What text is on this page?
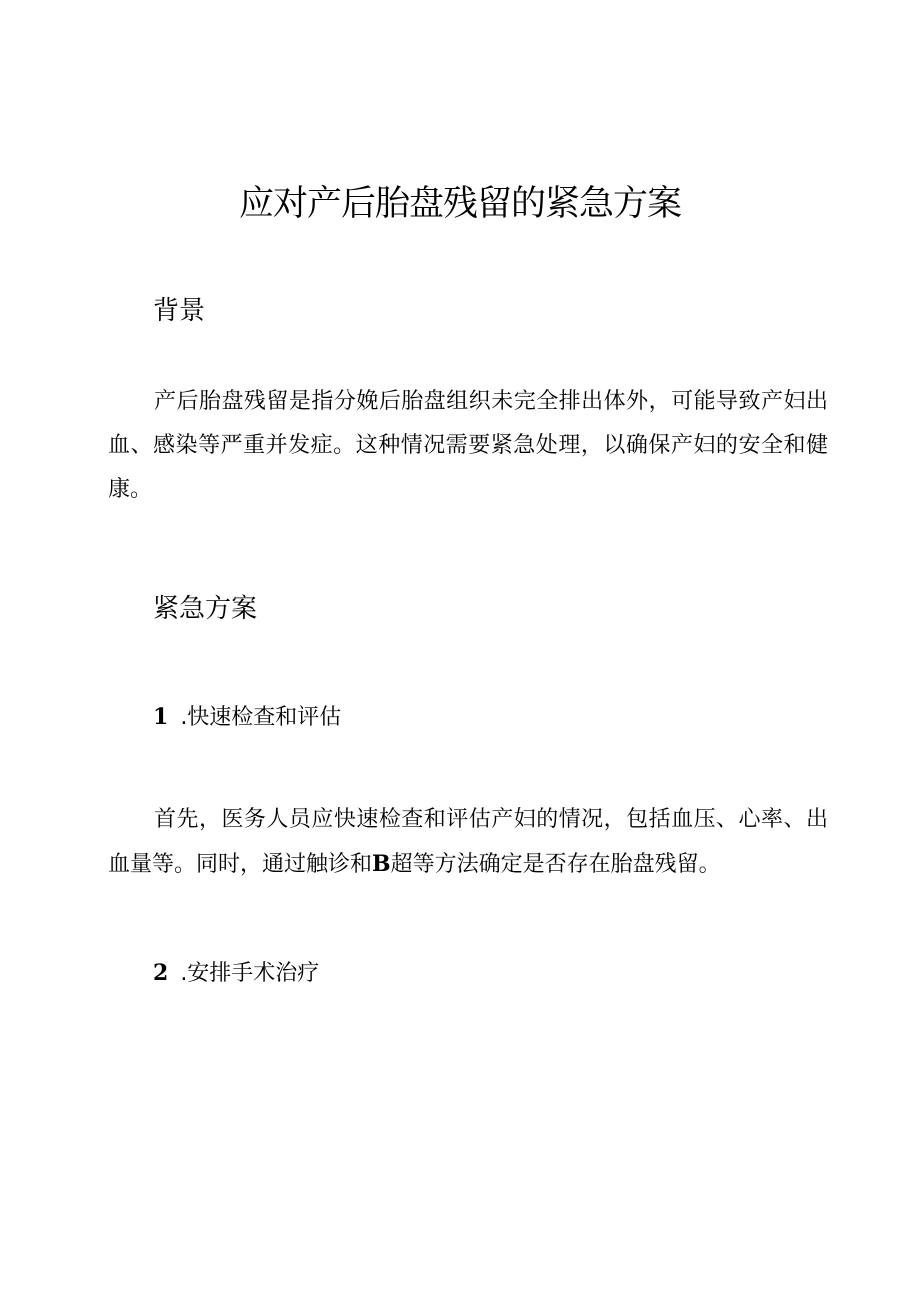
应对产后胎盘残留的紧急方案
背景

产后胎盘残留是指分娩后胎盘组织未完全排出体外，可能导致产妇出血、感染等严重并发症。这种情况需要紧急处理，以确保产妇的安全和健康。

紧急方案
1 .快速检查和评估

首先，医务人员应快速检查和评估产妇的情况，包括血压、心率、出血量等。同时，通过触诊和B超等方法确定是否存在胎盘残留。

2 .安排手术治疗
